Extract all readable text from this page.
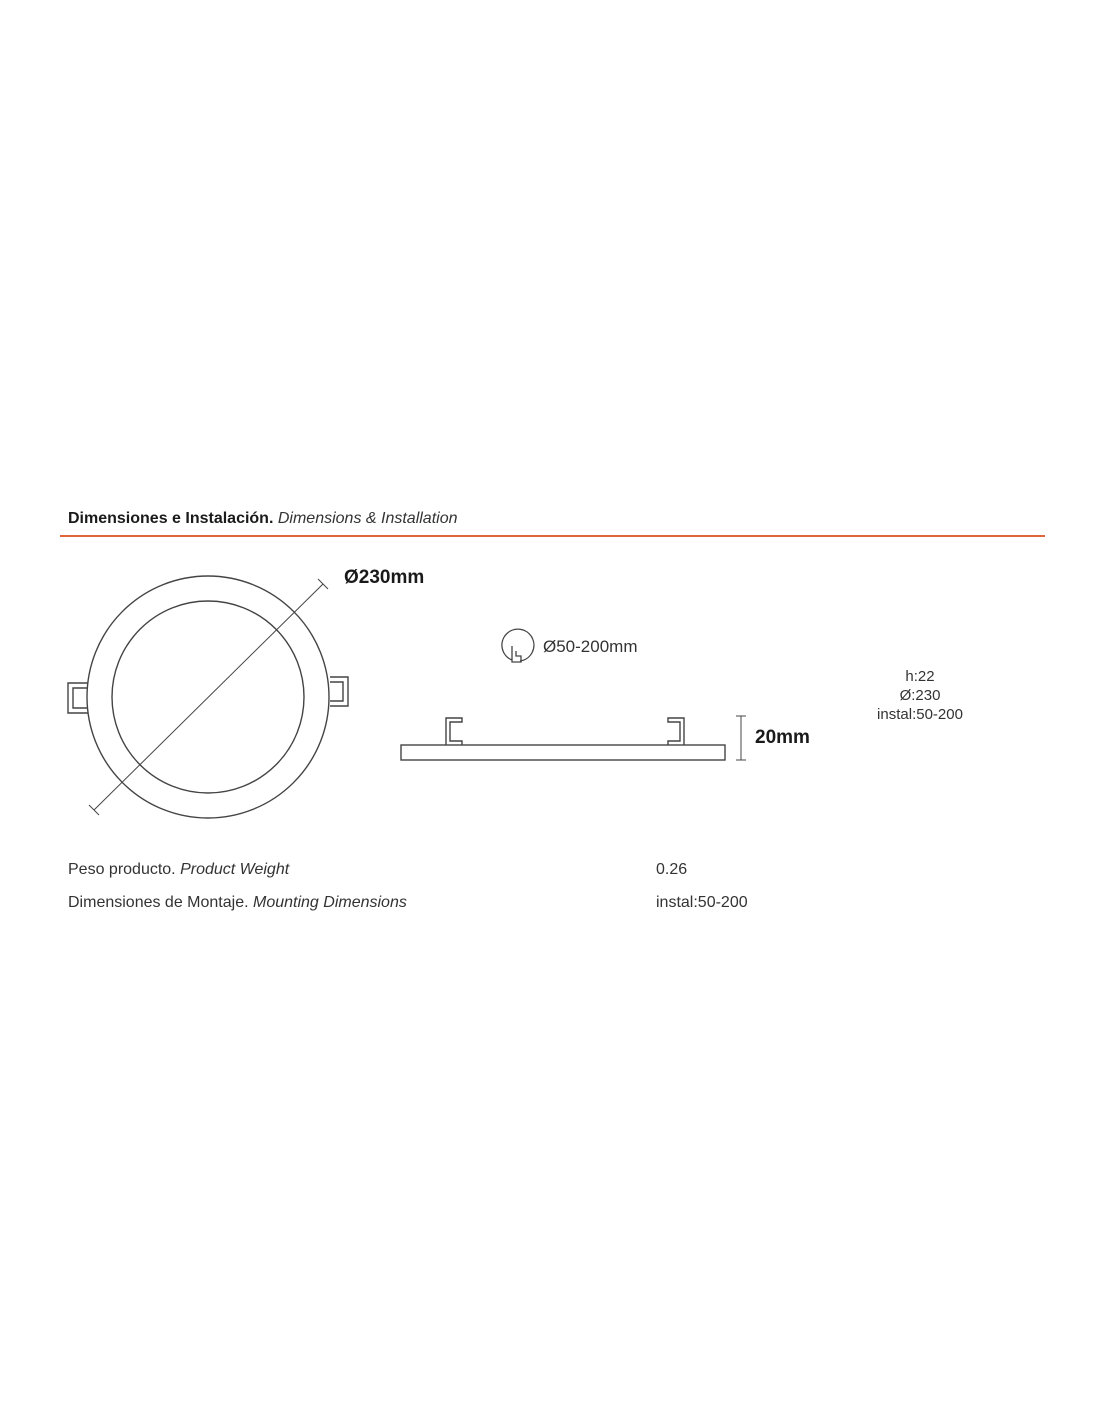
Dimensiones e Instalación. Dimensions & Installation
Ø230mm
Ø50-200mm
20mm
h:22
Ø:230
instal:50-200
Peso producto. Product Weight	0.26
Dimensiones de Montaje. Mounting Dimensions	instal:50-200
